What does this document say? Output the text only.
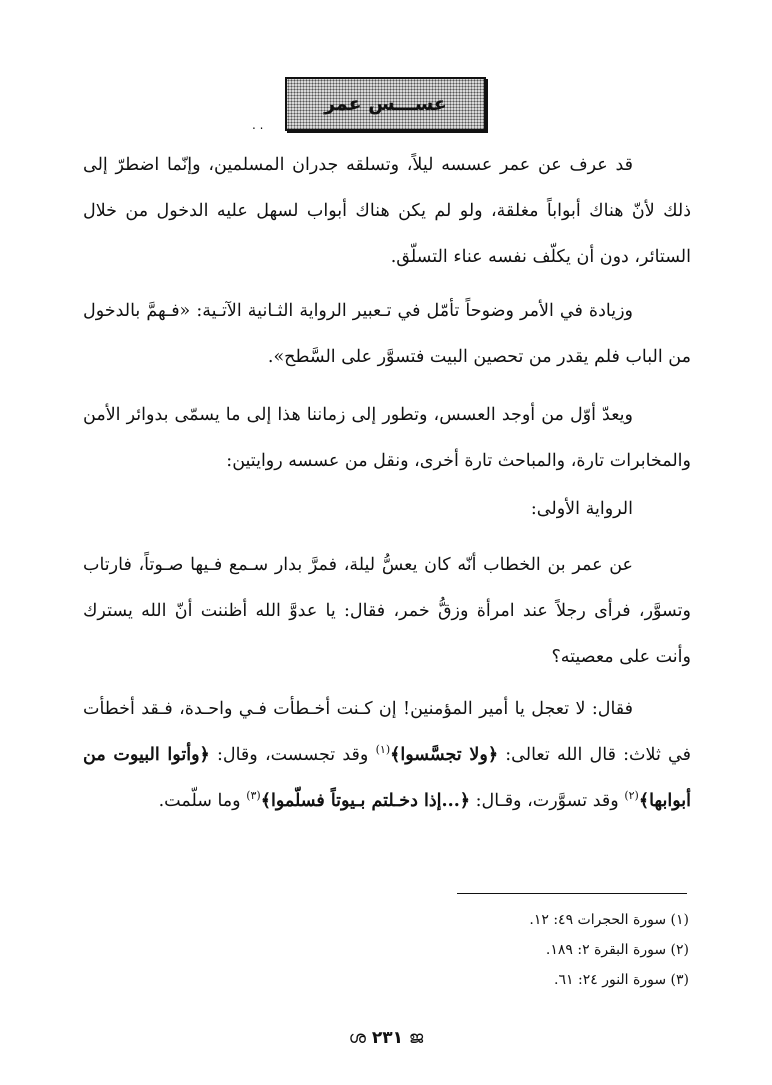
عســـس عمر
. .

قد عرف عن عمر عسسه ليلاً، وتسلقه جدران المسلمين، وإنّما اضطرّ إلى ذلك لأنّ هناك أبواباً مغلقة، ولو لم يكن هناك أبواب لسهل عليه الدخول من خلال الستائر، دون أن يكلّف نفسه عناء التسلّق.

وزيادة في الأمر وضوحاً تأمّل في تـعبير الرواية الثـانية الآتـية: «فـهمَّ بالدخول من الباب فلم يقدر من تحصين البيت فتسوَّر على السَّطح».

ويعدّ أوّل من أوجد العسس، وتطور إلى زماننا هذا إلى ما يسمّى بدوائر الأمن والمخابرات تارة، والمباحث تارة أخرى، ونقل من عسسه روايتين:

الرواية الأولى:

عن عمر بن الخطاب أنّه كان يعسُّ ليلة، فمرَّ بدار سـمع فـيها صـوتاً، فارتاب وتسوَّر، فرأى رجلاً عند امرأة وزقُّ خمر، فقال: يا عدوَّ الله أظننت أنّ الله يسترك وأنت على معصيته؟

فقال: لا تعجل يا أمير المؤمنين! إن كـنت أخـطأت فـي واحـدة، فـقد أخطأت في ثلاث: قال الله تعالى: ﴿ولا تجسَّسوا﴾$^{(١)}$ وقد تجسست، وقال: ﴿وأتوا البيوت من أبوابها﴾$^{(٢)}$ وقد تسوَّرت، وقـال: ﴿...إذا دخـلتم بـيوتاً فسلّموا﴾$^{(٣)}$ وما سلّمت.

(١) سورة الحجرات ٤٩: ١٢.
(٢) سورة البقرة ٢: ١٨٩.
(٣) سورة النور ٢٤: ٦١.
ജ ٢٣١ ശ
